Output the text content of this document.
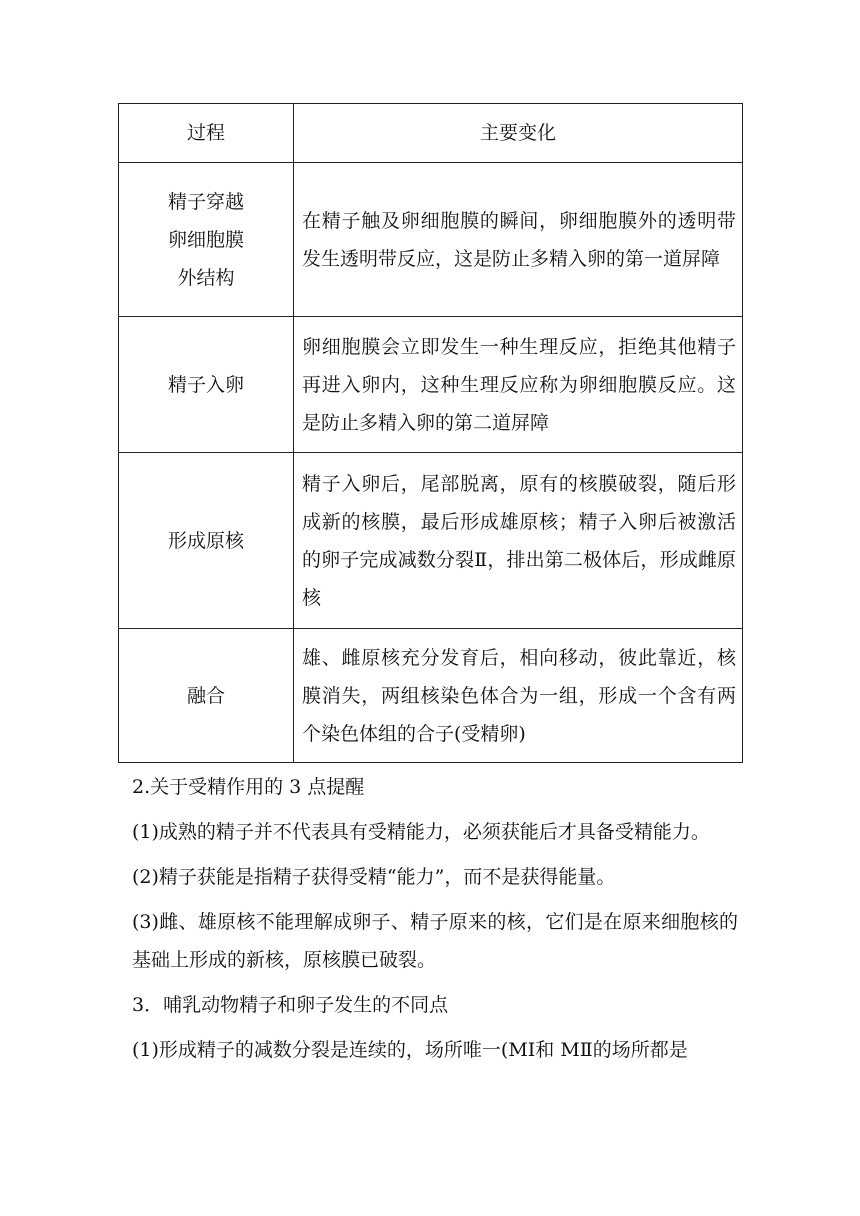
过程	主要变化

精子穿越
卵细胞膜
外结构	在精子触及卵细胞膜的瞬间，卵细胞膜外的透明带发生透明带反应，这是防止多精入卵的第一道屏障
精子入卵	卵细胞膜会立即发生一种生理反应，拒绝其他精子再进入卵内，这种生理反应称为卵细胞膜反应。这是防止多精入卵的第二道屏障
形成原核	精子入卵后，尾部脱离，原有的核膜破裂，随后形成新的核膜，最后形成雄原核；精子入卵后被激活的卵子完成减数分裂Ⅱ，排出第二极体后，形成雌原核
融合	雄、雌原核充分发育后，相向移动，彼此靠近，核膜消失，两组核染色体合为一组，形成一个含有两个染色体组的合子(受精卵)

2.关于受精作用的 3 点提醒

(1)成熟的精子并不代表具有受精能力，必须获能后才具备受精能力。

(2)精子获能是指精子获得受精“能力”，而不是获得能量。

(3)雌、雄原核不能理解成卵子、精子原来的核，它们是在原来细胞核的基础上形成的新核，原核膜已破裂。

3．哺乳动物精子和卵子发生的不同点

(1)形成精子的减数分裂是连续的，场所唯一(MⅠ和 MⅡ的场所都是
